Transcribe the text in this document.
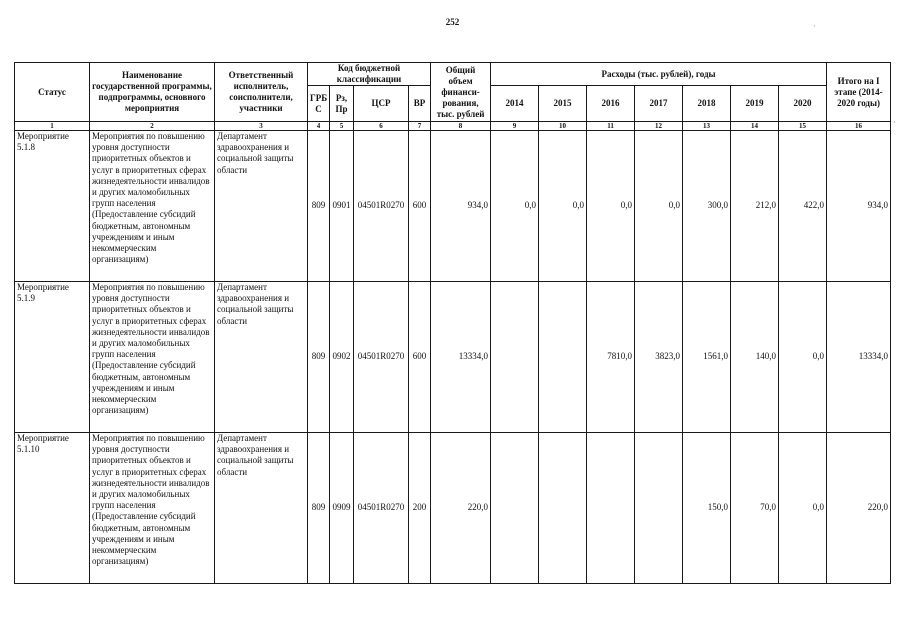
252
Статус	Наименование государственной программы, подпрограммы, основного мероприятия	Ответственный исполнитель, соисполнители, участники	Код бюджетной классификации				Общий объем финанси-рования, тыс. рублей	Расходы (тыс. рублей), годы							Итого на I этапе (2014-2020 годы)
			ГРБ С	Рз, Пр	ЦСР	ВР		2014	2015	2016	2017	2018	2019	2020	
1	2	3	4	5	6	7	8	9	10	11	12	13	14	15	16
Мероприятие 5.1.8	Мероприятия по повышению уровня доступности приоритетных объектов и услуг в приоритетных сферах жизнедеятельности инвалидов и других маломобильных групп населения (Предоставление субсидий бюджетным, автономным учреждениям и иным некоммерческим организациям)	Департамент здравоохранения и социальной защиты области	809	0901	04501R0270	600	934,0	0,0	0,0	0,0	0,0	300,0	212,0	422,0	934,0
Мероприятие 5.1.9	Мероприятия по повышению уровня доступности приоритетных объектов и услуг в приоритетных сферах жизнедеятельности инвалидов и других маломобильных групп населения (Предоставление субсидий бюджетным, автономным учреждениям и иным некоммерческим организациям)	Департамент здравоохранения и социальной защиты области	809	0902	04501R0270	600	13334,0			7810,0	3823,0	1561,0	140,0	0,0	13334,0
Мероприятие 5.1.10	Мероприятия по повышению уровня доступности приоритетных объектов и услуг в приоритетных сферах жизнедеятельности инвалидов и других маломобильных групп населения (Предоставление субсидий бюджетным, автономным учреждениям и иным некоммерческим организациям)	Департамент здравоохранения и социальной защиты области	809	0909	04501R0270	200	220,0					150,0	70,0	0,0	220,0
·
·
